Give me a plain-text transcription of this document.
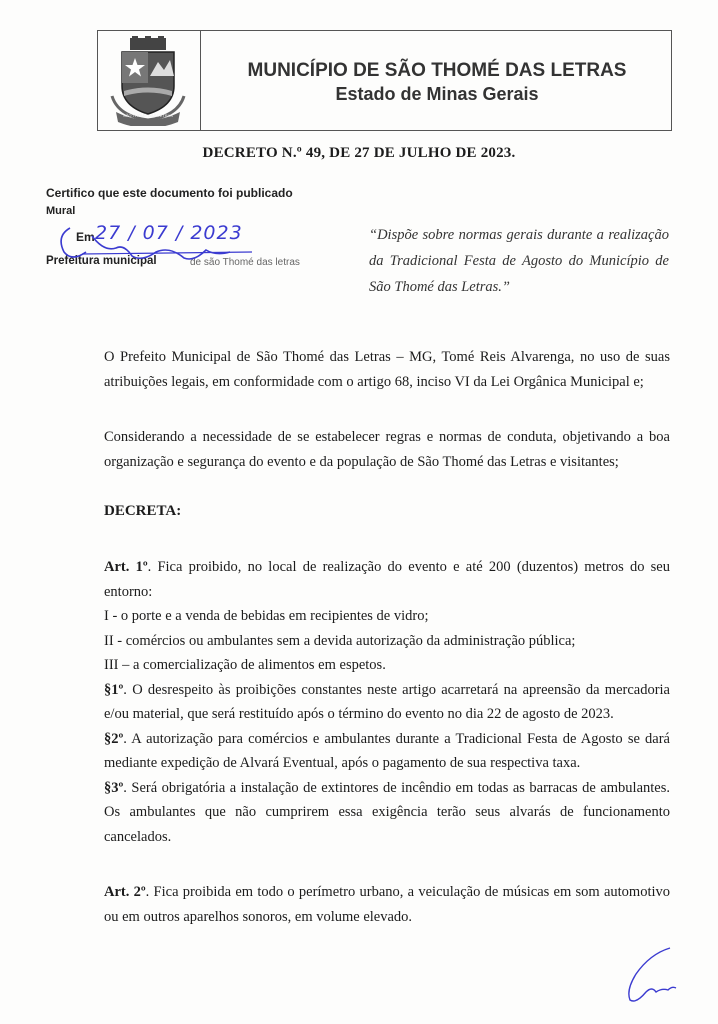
SÃO THOMÉ DAS LETRAS
MUNICÍPIO DE SÃO THOMÉ DAS LETRAS
Estado de Minas Gerais
DECRETO N.º 49, DE 27 DE JULHO DE 2023.
Certifico que este documento foi publicado
Mural
Em 27 / 07 / 2023
Prefeitura municipal	de são Thomé das letras
“Dispõe sobre normas gerais durante a realização da Tradicional Festa de Agosto do Município de São Thomé das Letras.”
O Prefeito Municipal de São Thomé das Letras – MG, Tomé Reis Alvarenga, no uso de suas atribuições legais, em conformidade com o artigo 68, inciso VI da Lei Orgânica Municipal e;
Considerando a necessidade de se estabelecer regras e normas de conduta, objetivando a boa organização e segurança do evento e da população de São Thomé das Letras e visitantes;
DECRETA:
Art. 1º. Fica proibido, no local de realização do evento e até 200 (duzentos) metros do seu entorno:
I - o porte e a venda de bebidas em recipientes de vidro;
II - comércios ou ambulantes sem a devida autorização da administração pública;
III – a comercialização de alimentos em espetos.
§1º. O desrespeito às proibições constantes neste artigo acarretará na apreensão da mercadoria e/ou material, que será restituído após o término do evento no dia 22 de agosto de 2023.
§2º. A autorização para comércios e ambulantes durante a Tradicional Festa de Agosto se dará mediante expedição de Alvará Eventual, após o pagamento de sua respectiva taxa.
§3º. Será obrigatória a instalação de extintores de incêndio em todas as barracas de ambulantes. Os ambulantes que não cumprirem essa exigência terão seus alvarás de funcionamento cancelados.
Art. 2º. Fica proibida em todo o perímetro urbano, a veiculação de músicas em som automotivo ou em outros aparelhos sonoros, em volume elevado.
